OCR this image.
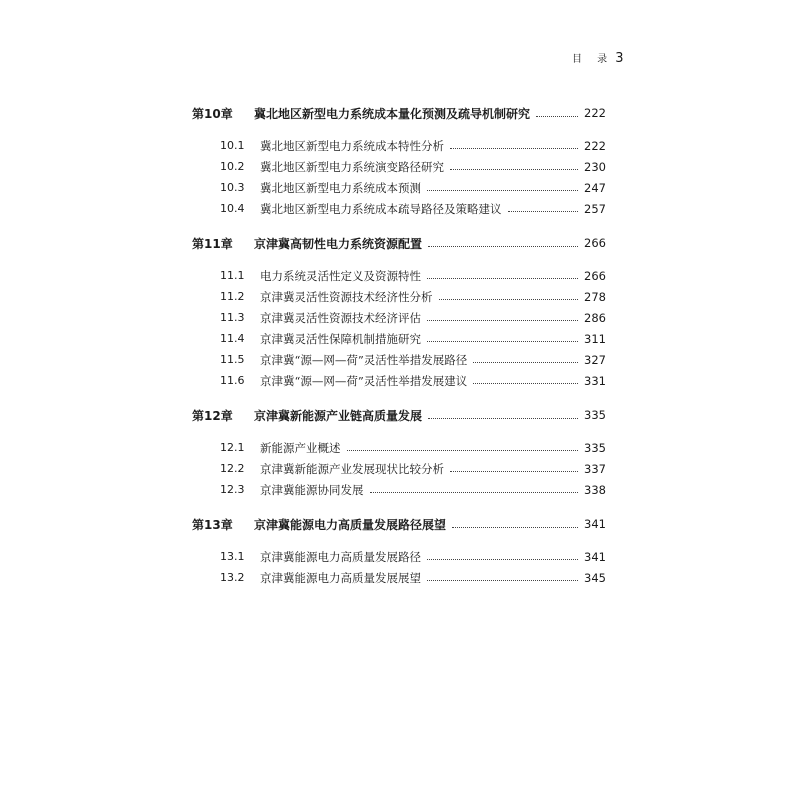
目 录 3
第10章	冀北地区新型电力系统成本量化预测及疏导机制研究	222
10.1	冀北地区新型电力系统成本特性分析	222
10.2	冀北地区新型电力系统演变路径研究	230
10.3	冀北地区新型电力系统成本预测	247
10.4	冀北地区新型电力系统成本疏导路径及策略建议	257
第11章	京津冀高韧性电力系统资源配置	266
11.1	电力系统灵活性定义及资源特性	266
11.2	京津冀灵活性资源技术经济性分析	278
11.3	京津冀灵活性资源技术经济评估	286
11.4	京津冀灵活性保障机制措施研究	311
11.5	京津冀“源—网—荷”灵活性举措发展路径	327
11.6	京津冀“源—网—荷”灵活性举措发展建议	331
第12章	京津冀新能源产业链高质量发展	335
12.1	新能源产业概述	335
12.2	京津冀新能源产业发展现状比较分析	337
12.3	京津冀能源协同发展	338
第13章	京津冀能源电力高质量发展路径展望	341
13.1	京津冀能源电力高质量发展路径	341
13.2	京津冀能源电力高质量发展展望	345
